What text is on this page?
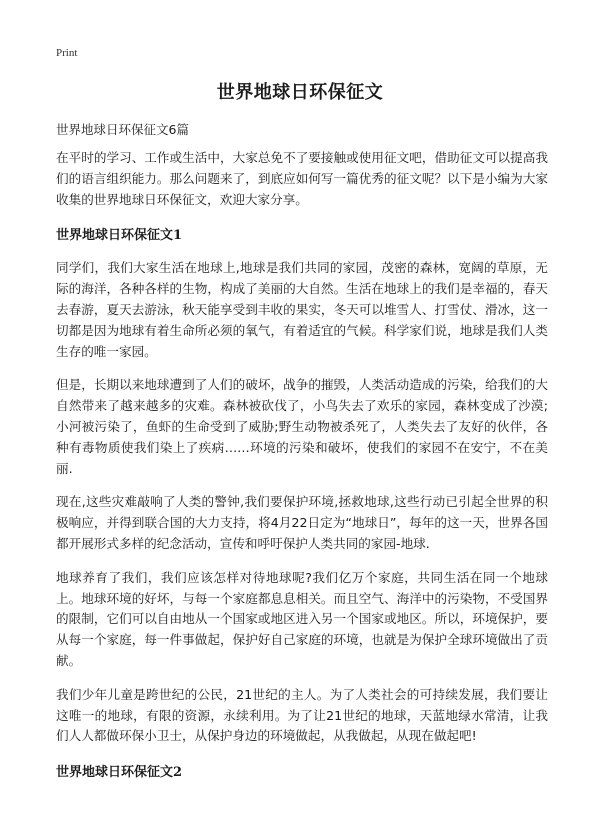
Print
世界地球日环保征文
世界地球日环保征文6篇

在平时的学习、工作或生活中，大家总免不了要接触或使用征文吧，借助征文可以提高我们的语言组织能力。那么问题来了，到底应如何写一篇优秀的征文呢？以下是小编为大家收集的世界地球日环保征文，欢迎大家分享。

世界地球日环保征文1

同学们，我们大家生活在地球上,地球是我们共同的家园，茂密的森林，宽阔的草原，无际的海洋，各种各样的生物，构成了美丽的大自然。生活在地球上的我们是幸福的，春天去春游，夏天去游泳，秋天能享受到丰收的果实，冬天可以堆雪人、打雪仗、滑冰，这一切都是因为地球有着生命所必须的氧气，有着适宜的气候。科学家们说，地球是我们人类生存的唯一家园。

但是，长期以来地球遭到了人们的破坏，战争的摧毁，人类活动造成的污染，给我们的大自然带来了越来越多的灾难。森林被砍伐了，小鸟失去了欢乐的家园，森林变成了沙漠;小河被污染了，鱼虾的生命受到了威胁;野生动物被杀死了，人类失去了友好的伙伴，各种有毒物质使我们染上了疾病……环境的污染和破坏，使我们的家园不在安宁，不在美丽.

现在,这些灾难敲响了人类的警钟,我们要保护环境,拯救地球,这些行动已引起全世界的积极响应，并得到联合国的大力支持，将4月22日定为“地球日”，每年的这一天，世界各国都开展形式多样的纪念活动，宣传和呼吁保护人类共同的家园-地球.

地球养育了我们，我们应该怎样对待地球呢?我们亿万个家庭，共同生活在同一个地球上。地球环境的好坏，与每一个家庭都息息相关。而且空气、海洋中的污染物，不受国界的限制，它们可以自由地从一个国家或地区进入另一个国家或地区。所以，环境保护，要从每一个家庭，每一件事做起，保护好自己家庭的环境，也就是为保护全球环境做出了贡献。

我们少年儿童是跨世纪的公民，21世纪的主人。为了人类社会的可持续发展，我们要让这唯一的地球，有限的资源，永续利用。为了让21世纪的地球，天蓝地绿水常清，让我们人人都做环保小卫士，从保护身边的环境做起，从我做起，从现在做起吧!

世界地球日环保征文2
